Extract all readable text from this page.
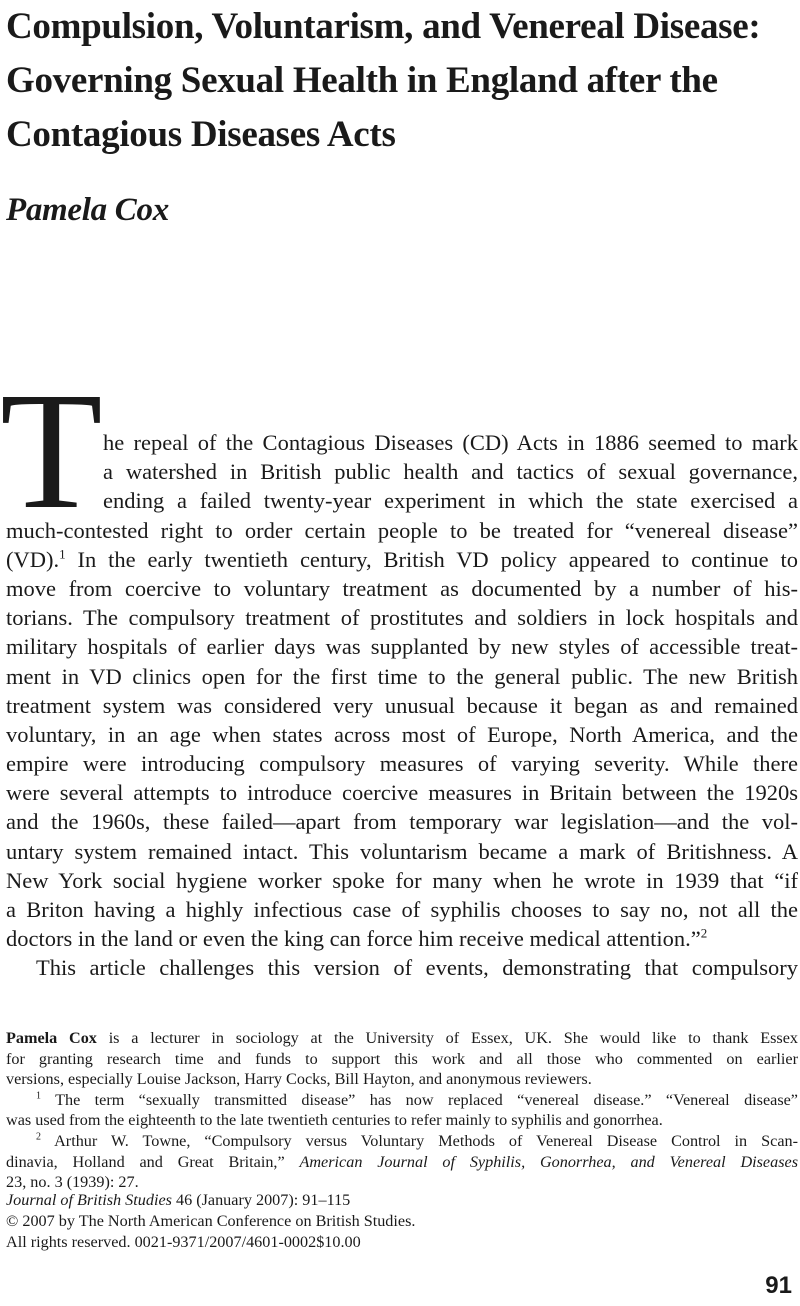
Compulsion, Voluntarism, and Venereal Disease:
Governing Sexual Health in England after the
Contagious Diseases Acts
Pamela Cox
T he repeal of the Contagious Diseases (CD) Acts in 1886 seemed to mark
a watershed in British public health and tactics of sexual governance,
ending a failed twenty-year experiment in which the state exercised a
much-contested right to order certain people to be treated for “venereal disease”
(VD).$^1$ In the early twentieth century, British VD policy appeared to continue to
move from coercive to voluntary treatment as documented by a number of his-
torians. The compulsory treatment of prostitutes and soldiers in lock hospitals and
military hospitals of earlier days was supplanted by new styles of accessible treat-
ment in VD clinics open for the first time to the general public. The new British
treatment system was considered very unusual because it began as and remained
voluntary, in an age when states across most of Europe, North America, and the
empire were introducing compulsory measures of varying severity. While there
were several attempts to introduce coercive measures in Britain between the 1920s
and the 1960s, these failed—apart from temporary war legislation—and the vol-
untary system remained intact. This voluntarism became a mark of Britishness. A
New York social hygiene worker spoke for many when he wrote in 1939 that “if
a Briton having a highly infectious case of syphilis chooses to say no, not all the
doctors in the land or even the king can force him receive medical attention.”$^2$
This article challenges this version of events, demonstrating that compulsory
Pamela Cox is a lecturer in sociology at the University of Essex, UK. She would like to thank Essex
for granting research time and funds to support this work and all those who commented on earlier
versions, especially Louise Jackson, Harry Cocks, Bill Hayton, and anonymous reviewers.
$^1$ The term “sexually transmitted disease” has now replaced “venereal disease.” “Venereal disease”
was used from the eighteenth to the late twentieth centuries to refer mainly to syphilis and gonorrhea.
$^2$ Arthur W. Towne, “Compulsory versus Voluntary Methods of Venereal Disease Control in Scan-
dinavia, Holland and Great Britain,” American Journal of Syphilis, Gonorrhea, and Venereal Diseases
23, no. 3 (1939): 27.
Journal of British Studies 46 (January 2007): 91–115
© 2007 by The North American Conference on British Studies.
All rights reserved. 0021-9371/2007/4601-0002$10.00
91
